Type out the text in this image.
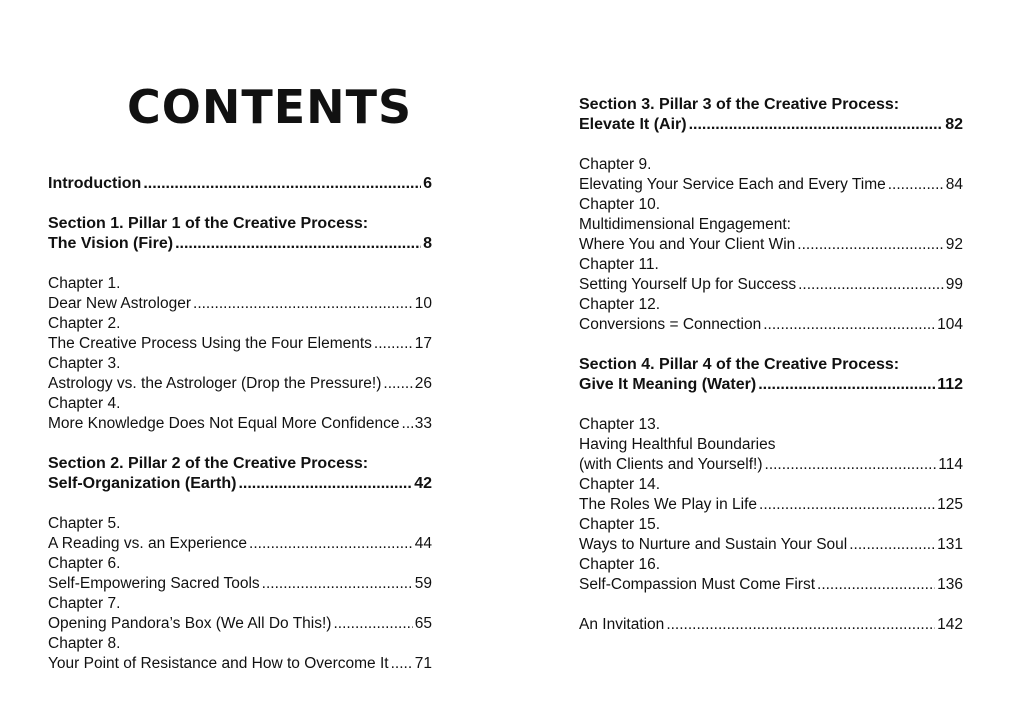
CONTENTS
Introduction .....	6
Section 1. Pillar 1 of the Creative Process:
The Vision (Fire) .....	8
Chapter 1.
Dear New Astrologer .....	10
Chapter 2.
The Creative Process Using the Four Elements .....	17
Chapter 3.
Astrology vs. the Astrologer (Drop the Pressure!) ..... 26
Chapter 4.
More Knowledge Does Not Equal More Confidence ..... 33
Section 2. Pillar 2 of the Creative Process:
Self-Organization (Earth) .....	42
Chapter 5.
A Reading vs. an Experience .....	44
Chapter 6.
Self-Empowering Sacred Tools .....	59
Chapter 7.
Opening Pandora’s Box (We All Do This!) .....	65
Chapter 8.
Your Point of Resistance and How to Overcome It ..... 71
Section 3. Pillar 3 of the Creative Process:
Elevate It (Air) .....	82
Chapter 9.
Elevating Your Service Each and Every Time .....	84
Chapter 10.
Multidimensional Engagement:
Where You and Your Client Win .....	92
Chapter 11.
Setting Yourself Up for Success .....	99
Chapter 12.
Conversions = Connection .....	104
Section 4. Pillar 4 of the Creative Process:
Give It Meaning (Water) .....	112
Chapter 13.
Having Healthful Boundaries
(with Clients and Yourself!) .....	114
Chapter 14.
The Roles We Play in Life .....	125
Chapter 15.
Ways to Nurture and Sustain Your Soul .....	131
Chapter 16.
Self-Compassion Must Come First .....	136
An Invitation .....	142
